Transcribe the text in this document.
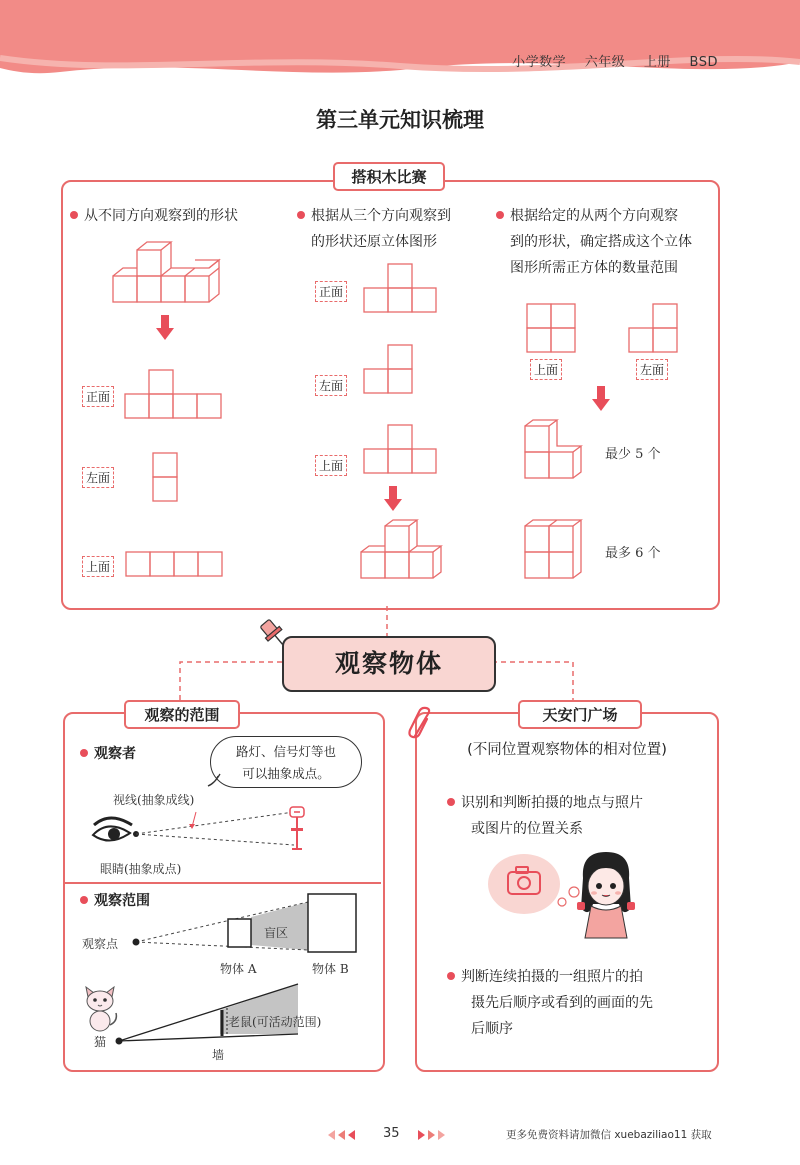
小学数学 六年级 上册 BSD
第三单元知识梳理
搭积木比赛
从不同方向观察到的形状
正面
左面
上面
根据从三个方向观察到
的形状还原立体图形
正面
左面
上面
根据给定的从两个方向观察
到的形状，确定搭成这个立体
图形所需正方体的数量范围
上面	左面
最少 5 个
最多 6 个
观察物体
观察的范围
观察者	路灯、信号灯等也
可以抽象成点。
视线(抽象成线)
眼睛(抽象成点)
观察范围
观察点
盲区
物体 A	物体 B
老鼠(可活动范围)
猫
墙
天安门广场
(不同位置观察物体的相对位置)
识别和判断拍摄的地点与照片
或图片的位置关系
判断连续拍摄的一组照片的拍
摄先后顺序或看到的画面的先
后顺序
35	更多免费资料请加微信 xuebaziliao11 获取
